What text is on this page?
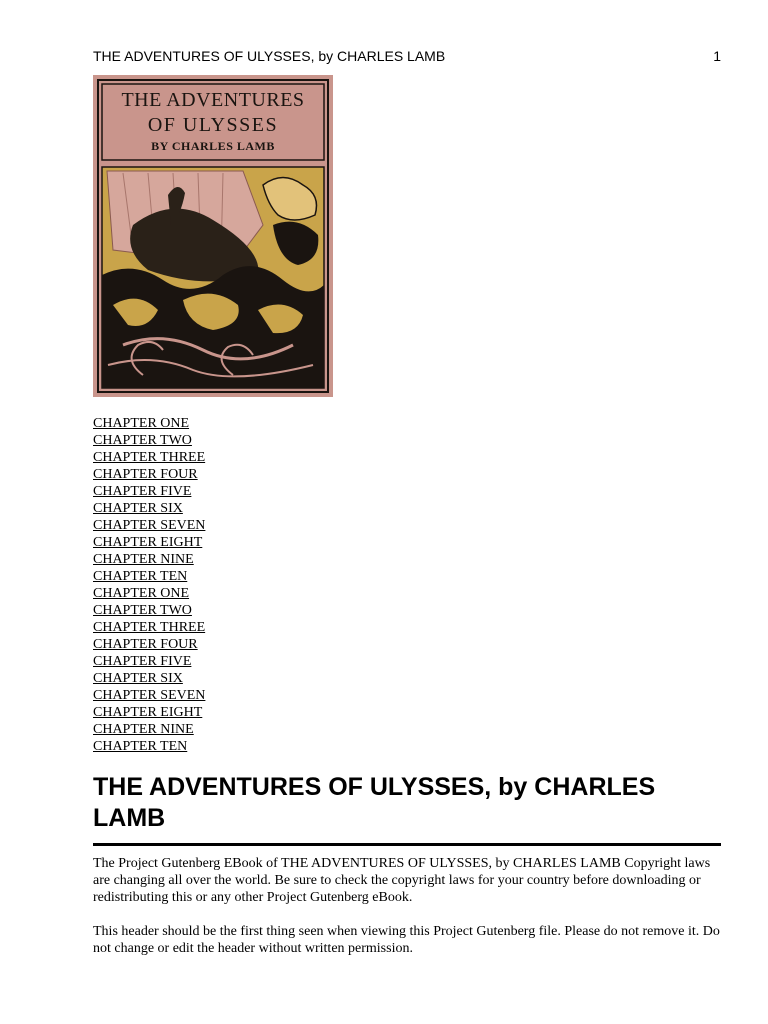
THE ADVENTURES OF ULYSSES, by CHARLES LAMB	1
THE ADVENTURES
OF ULYSSES
BY CHARLES LAMB
CHAPTER ONE
CHAPTER TWO
CHAPTER THREE
CHAPTER FOUR
CHAPTER FIVE
CHAPTER SIX
CHAPTER SEVEN
CHAPTER EIGHT
CHAPTER NINE
CHAPTER TEN
CHAPTER ONE
CHAPTER TWO
CHAPTER THREE
CHAPTER FOUR
CHAPTER FIVE
CHAPTER SIX
CHAPTER SEVEN
CHAPTER EIGHT
CHAPTER NINE
CHAPTER TEN
THE ADVENTURES OF ULYSSES, by CHARLES LAMB

The Project Gutenberg EBook of THE ADVENTURES OF ULYSSES, by CHARLES LAMB Copyright laws are changing all over the world. Be sure to check the copyright laws for your country before downloading or redistributing this or any other Project Gutenberg eBook.

This header should be the first thing seen when viewing this Project Gutenberg file. Please do not remove it. Do not change or edit the header without written permission.
